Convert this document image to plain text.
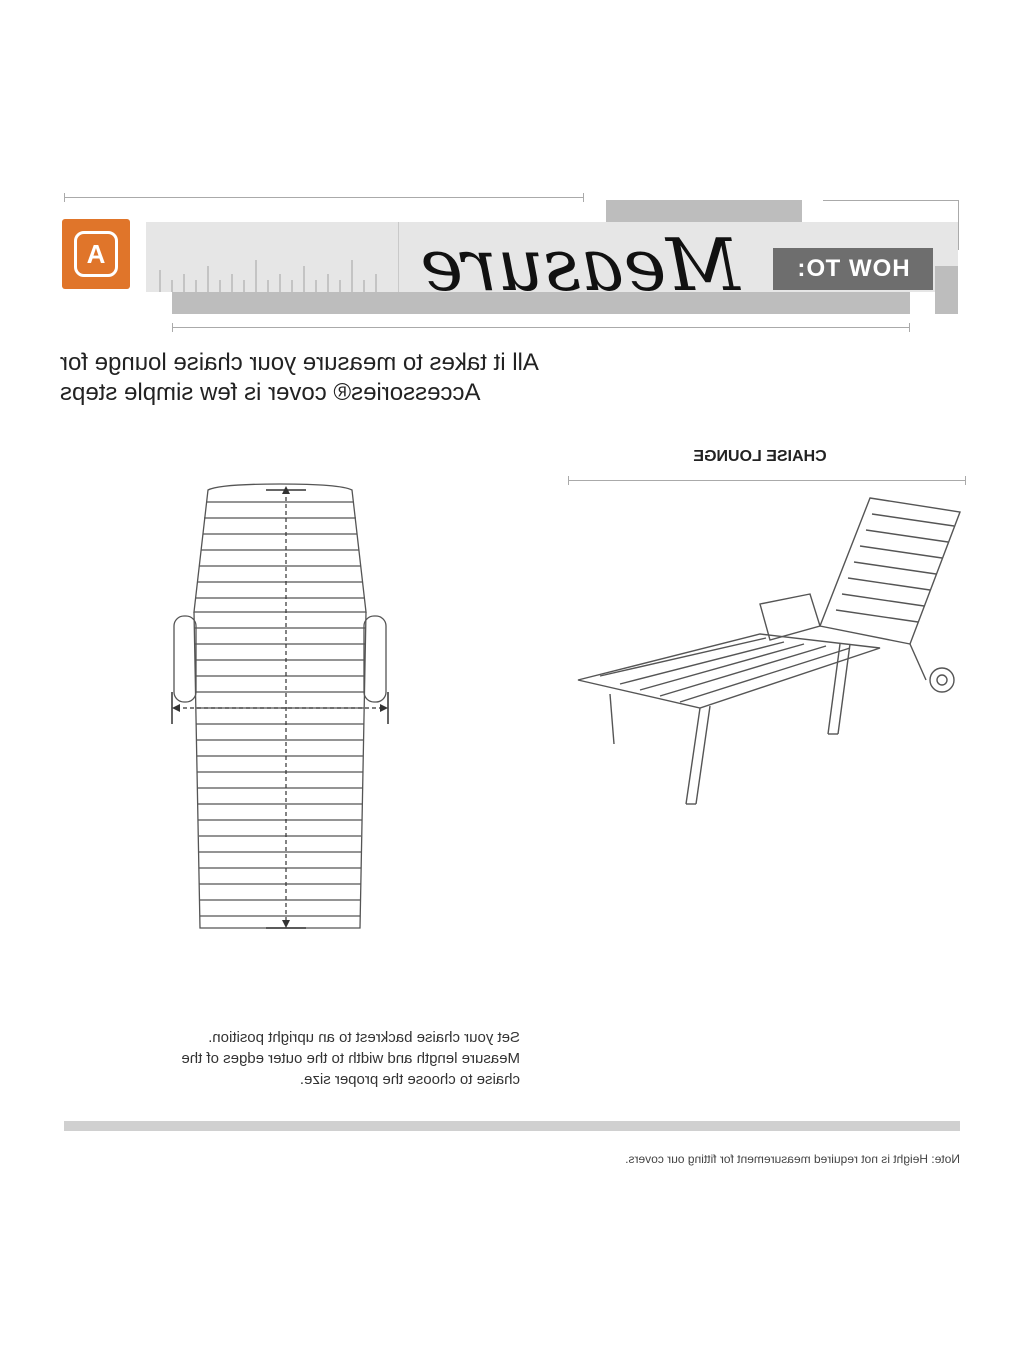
A	Measure	HOW TO:
All it takes to measure your chaise lounge for
Accessories® cover is few simple steps
CHAISE LOUNGE
Set your chaise backrest to an upright position.
Measure length and width to the outer edges of the
chaise to choose the proper size.
Note: Height is not required measurement for fitting our covers.
